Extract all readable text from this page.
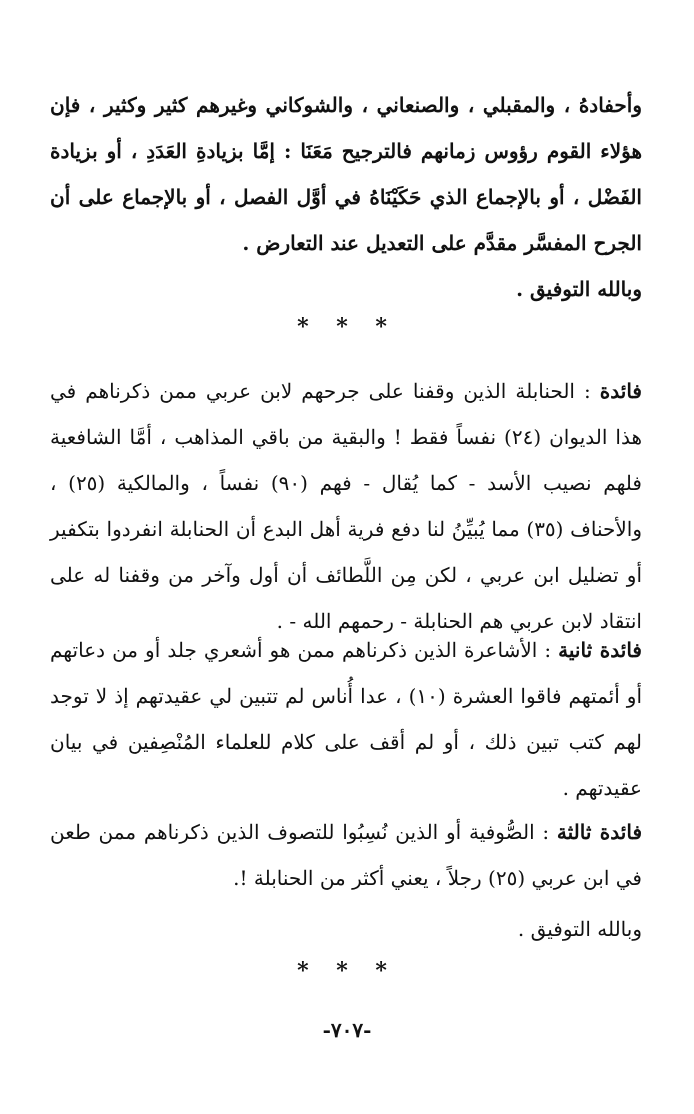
وأحفادهُ ، والمقبلي ، والصنعاني ، والشوكاني وغيرهم كثير وكثير ، فإن هؤلاء القوم رؤوس زمانهم فالترجيح مَعَنَا : إمَّا بزيادةِ العَدَدِ ، أو بزيادة الفَضْل ، أو بالإجماع الذي حَكَيْنَاهُ في أوَّل الفصل ، أو بالإجماع على أن الجرح المفسَّر مقدَّم على التعديل عند التعارض .
وبالله التوفيق .
* * *
فائدة : الحنابلة الذين وقفنا على جرحهم لابن عربي ممن ذكرناهم في هذا الديوان (٢٤) نفساً فقط ! والبقية من باقي المذاهب ، أمَّا الشافعية فلهم نصيب الأسد - كما يُقال - فهم (٩٠) نفساً ، والمالكية (٢٥) ، والأحناف (٣٥) مما يُبيِّنُ لنا دفع فرية أهل البدع أن الحنابلة انفردوا بتكفير أو تضليل ابن عربي ، لكن مِن اللَّطائف أن أول وآخر من وقفنا له على انتقاد لابن عربي هم الحنابلة - رحمهم الله - .
فائدة ثانية : الأشاعرة الذين ذكرناهم ممن هو أشعري جلد أو من دعاتهم أو أئمتهم فاقوا العشرة (١٠) ، عدا أُناس لم تتبين لي عقيدتهم إذ لا توجد لهم كتب تبين ذلك ، أو لم أقف على كلام للعلماء المُنْصِفين في بيان عقيدتهم .
فائدة ثالثة : الصُّوفية أو الذين نُسِبُوا للتصوف الذين ذكرناهم ممن طعن في ابن عربي (٢٥) رجلاً ، يعني أكثر من الحنابلة !.
وبالله التوفيق .
* * *
-٧٠٧-
